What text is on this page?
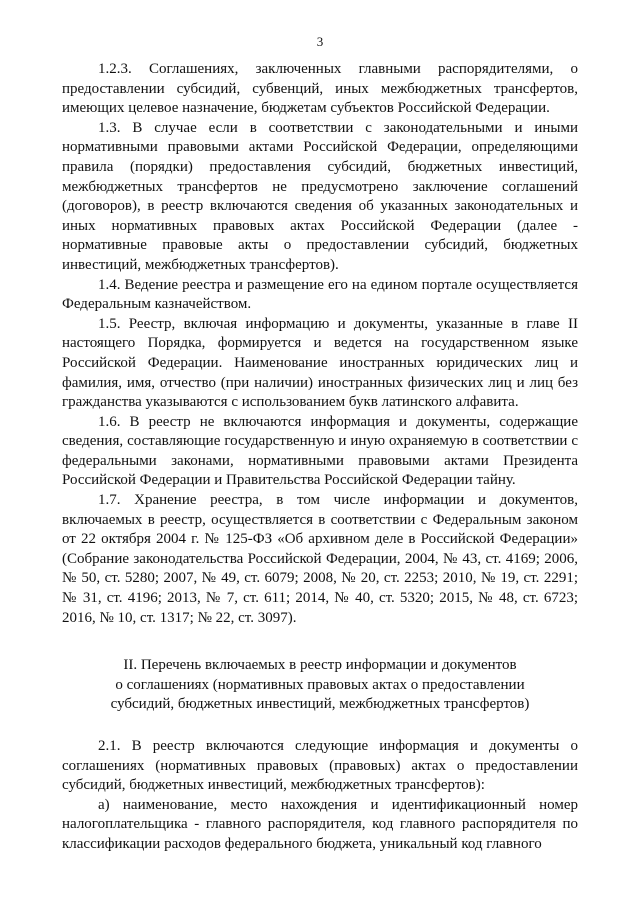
3

1.2.3. Соглашениях, заключенных главными распорядителями, о предоставлении субсидий, субвенций, иных межбюджетных трансфертов, имеющих целевое назначение, бюджетам субъектов Российской Федерации.

1.3. В случае если в соответствии с законодательными и иными нормативными правовыми актами Российской Федерации, определяющими правила (порядки) предоставления субсидий, бюджетных инвестиций, межбюджетных трансфертов не предусмотрено заключение соглашений (договоров), в реестр включаются сведения об указанных законодательных и иных нормативных правовых актах Российской Федерации (далее - нормативные правовые акты о предоставлении субсидий, бюджетных инвестиций, межбюджетных трансфертов).

1.4. Ведение реестра и размещение его на едином портале осуществляется Федеральным казначейством.

1.5. Реестр, включая информацию и документы, указанные в главе II настоящего Порядка, формируется и ведется на государственном языке Российской Федерации. Наименование иностранных юридических лиц и фамилия, имя, отчество (при наличии) иностранных физических лиц и лиц без гражданства указываются с использованием букв латинского алфавита.

1.6. В реестр не включаются информация и документы, содержащие сведения, составляющие государственную и иную охраняемую в соответствии с федеральными законами, нормативными правовыми актами Президента Российской Федерации и Правительства Российской Федерации тайну.

1.7. Хранение реестра, в том числе информации и документов, включаемых в реестр, осуществляется в соответствии с Федеральным законом от 22 октября 2004 г. № 125-ФЗ «Об архивном деле в Российской Федерации» (Собрание законодательства Российской Федерации, 2004, № 43, ст. 4169; 2006, № 50, ст. 5280; 2007, № 49, ст. 6079; 2008, № 20, ст. 2253; 2010, № 19, ст. 2291; № 31, ст. 4196; 2013, № 7, ст. 611; 2014, № 40, ст. 5320; 2015, № 48, ст. 6723; 2016, № 10, ст. 1317; № 22, ст. 3097).

II. Перечень включаемых в реестр информации и документов
о соглашениях (нормативных правовых актах о предоставлении
субсидий, бюджетных инвестиций, межбюджетных трансфертов)

2.1. В реестр включаются следующие информация и документы о соглашениях (нормативных правовых (правовых) актах о предоставлении субсидий, бюджетных инвестиций, межбюджетных трансфертов):

а) наименование, место нахождения и идентификационный номер налогоплательщика - главного распорядителя, код главного распорядителя по классификации расходов федерального бюджета, уникальный код главного
